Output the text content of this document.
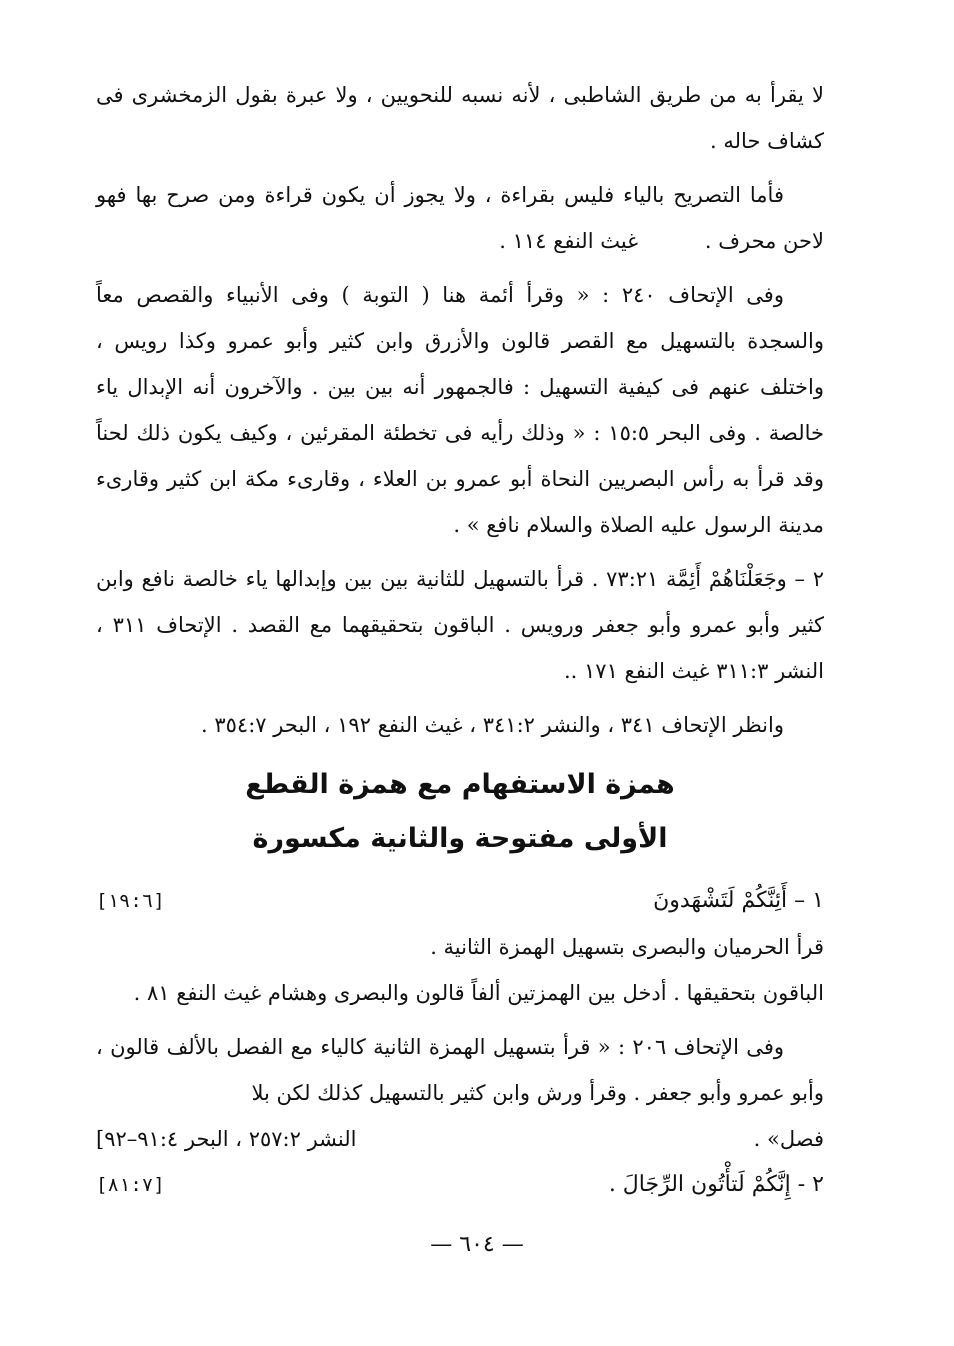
لا يقرأ به من طريق الشاطبى ، لأنه نسبه للنحويين ، ولا عبرة بقول الزمخشرى فى كشاف حاله .

فأما التصريح بالياء فليس بقراءة ، ولا يجوز أن يكون قراءة ومن صرح بها فهو لاحن محرف . غيث النفع ١١٤ .

وفى الإتحاف ٢٤٠ : « وقرأ أئمة هنا ( التوبة ) وفى الأنبياء والقصص معاً والسجدة بالتسهيل مع القصر قالون والأزرق وابن كثير وأبو عمرو وكذا رويس ، واختلف عنهم فى كيفية التسهيل : فالجمهور أنه بين بين . والآخرون أنه الإبدال ياء خالصة . وفى البحر ١٥:٥ : « وذلك رأيه فى تخطئة المقرئين ، وكيف يكون ذلك لحناً وقد قرأ به رأس البصريين النحاة أبو عمرو بن العلاء ، وقارىء مكة ابن كثير وقارىء مدينة الرسول عليه الصلاة والسلام نافع » .

٢ – وجَعَلْنَاهُمْ أَئِمَّة ٧٣:٢١ . قرأ بالتسهيل للثانية بين بين وإبدالها ياء خالصة نافع وابن كثير وأبو عمرو وأبو جعفر ورويس . الباقون بتحقيقهما مع القصد . الإتحاف ٣١١ ، النشر ٣١١:٣ غيث النفع ١٧١ ..

وانظر الإتحاف ٣٤١ ، والنشر ٣٤١:٢ ، غيث النفع ١٩٢ ، البحر ٣٥٤:٧ .

همزة الاستفهام مع همزة القطع
الأولى مفتوحة والثانية مكسورة
١ – أَئِنَّكُمْ لَتَشْهَدونَ
[١٩:٦]

قرأ الحرميان والبصرى بتسهيل الهمزة الثانية .

الباقون بتحقيقها . أدخل بين الهمزتين ألفاً قالون والبصرى وهشام غيث النفع ٨١ .

وفى الإتحاف ٢٠٦ : « قرأ بتسهيل الهمزة الثانية كالياء مع الفصل بالألف قالون ، وأبو عمرو وأبو جعفر . وقرأ ورش وابن كثير بالتسهيل كذلك لكن بلا

فصل» .
النشر ٢٥٧:٢ ، البحر ٩١:٤–٩٢]
٢ - إِنَّكُمْ لَتأْتُون الرِّجَالَ .
[٨١:٧]
— ٦٠٤ —
